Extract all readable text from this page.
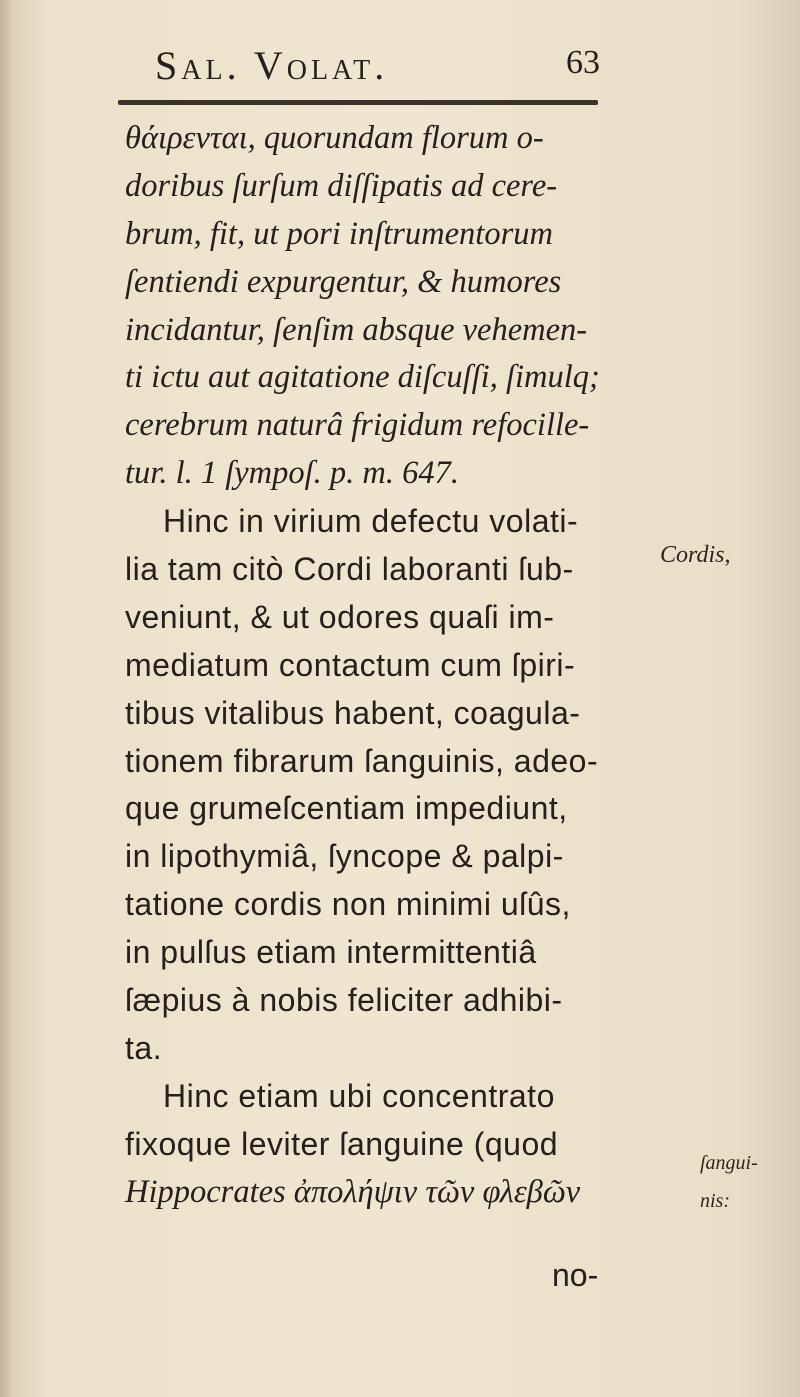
Sal. Volat.	63
θάιρενται, quorundam florum o-
doribus ſurſum diſſipatis ad cere-
brum, fit, ut pori inſtrumentorum
ſentiendi expurgentur, & humores
incidantur, ſenſim absque vehemen-
ti ictu aut agitatione diſcuſſi, ſimulq;
cerebrum naturâ frigidum refocille-
tur. l. 1 ſympoſ. p. m. 647.
Hinc in virium defectu volati-
lia tam citò Cordi laboranti ſub-
veniunt, & ut odores quaſi im-
mediatum contactum cum ſpiri-
tibus vitalibus habent, coagula-
tionem fibrarum ſanguinis, adeo-
que grumeſcentiam impediunt,
in lipothymiâ, ſyncope & palpi-
tatione cordis non minimi uſûs,
in pulſus etiam intermittentiâ
ſæpius à nobis feliciter adhibi-
ta.
Hinc etiam ubi concentrato
fixoque leviter ſanguine (quod
Hippocrates ἀπολήψιν τῶν φλεβῶν
Cordis,
ſangui-
nis:
no-
